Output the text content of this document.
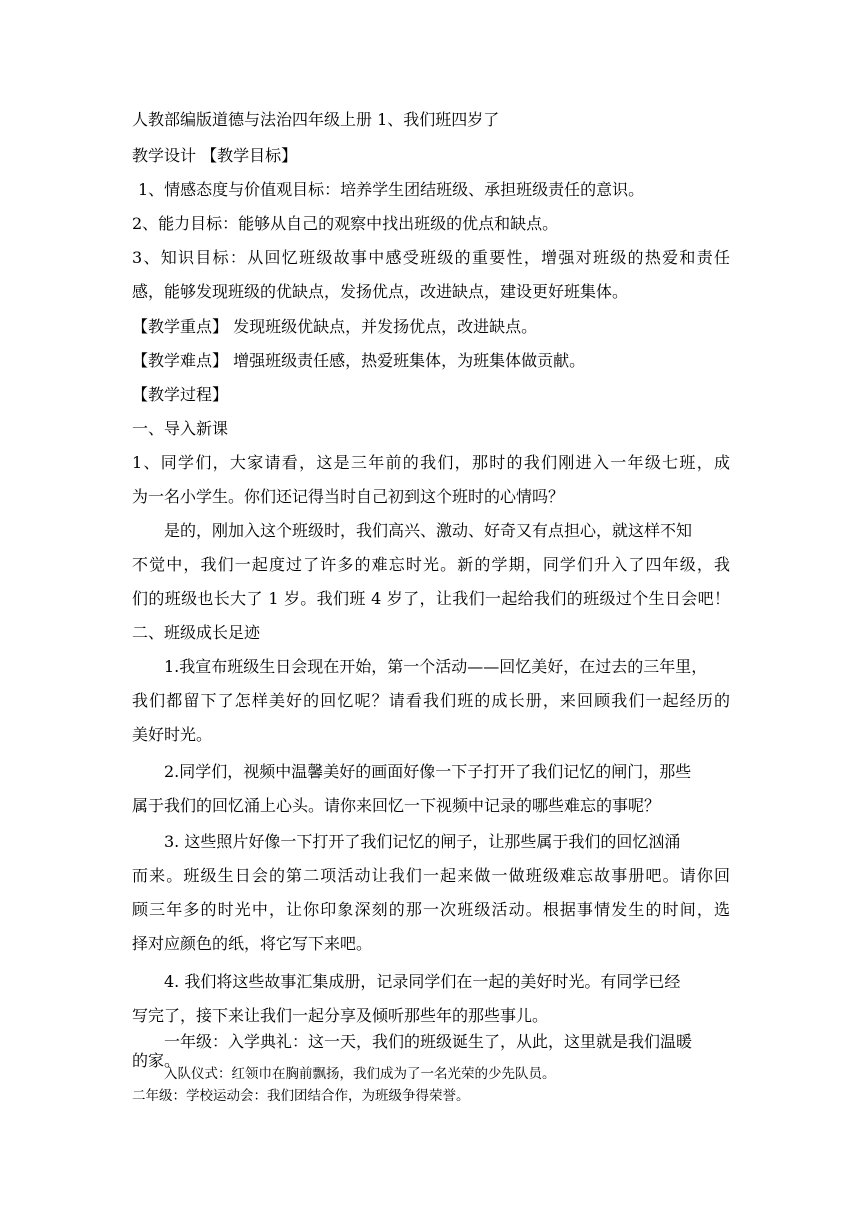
人教部编版道德与法治四年级上册 1、我们班四岁了
教学设计 【教学目标】
1、情感态度与价值观目标：培养学生团结班级、承担班级责任的意识。
2、能力目标：能够从自己的观察中找出班级的优点和缺点。
3、知识目标：从回忆班级故事中感受班级的重要性，增强对班级的热爱和责任
感，能够发现班级的优缺点，发扬优点，改进缺点，建设更好班集体。
【教学重点】 发现班级优缺点，并发扬优点，改进缺点。
【教学难点】 增强班级责任感，热爱班集体，为班集体做贡献。
【教学过程】
一、导入新课
1、同学们，大家请看，这是三年前的我们，那时的我们刚进入一年级七班，成
为一名小学生。你们还记得当时自己初到这个班时的心情吗？
是的，刚加入这个班级时，我们高兴、激动、好奇又有点担心，就这样不知
不觉中，我们一起度过了许多的难忘时光。新的学期，同学们升入了四年级，我
们的班级也长大了 1 岁。我们班 4 岁了，让我们一起给我们的班级过个生日会吧！
二、班级成长足迹
1.我宣布班级生日会现在开始，第一个活动——回忆美好，在过去的三年里，
我们都留下了怎样美好的回忆呢？请看我们班的成长册，来回顾我们一起经历的
美好时光。
2.同学们，视频中温馨美好的画面好像一下子打开了我们记忆的闸门，那些
属于我们的回忆涌上心头。请你来回忆一下视频中记录的哪些难忘的事呢？
3. 这些照片好像一下打开了我们记忆的闸子，让那些属于我们的回忆汹涌
而来。班级生日会的第二项活动让我们一起来做一做班级难忘故事册吧。请你回
顾三年多的时光中，让你印象深刻的那一次班级活动。根据事情发生的时间，选
择对应颜色的纸，将它写下来吧。
4. 我们将这些故事汇集成册，记录同学们在一起的美好时光。有同学已经
写完了，接下来让我们一起分享及倾听那些年的那些事儿。
一年级：入学典礼：这一天，我们的班级诞生了，从此，这里就是我们温暖
的家。
入队仪式：红领巾在胸前飘扬，我们成为了一名光荣的少先队员。
二年级：学校运动会：我们团结合作，为班级争得荣誉。
